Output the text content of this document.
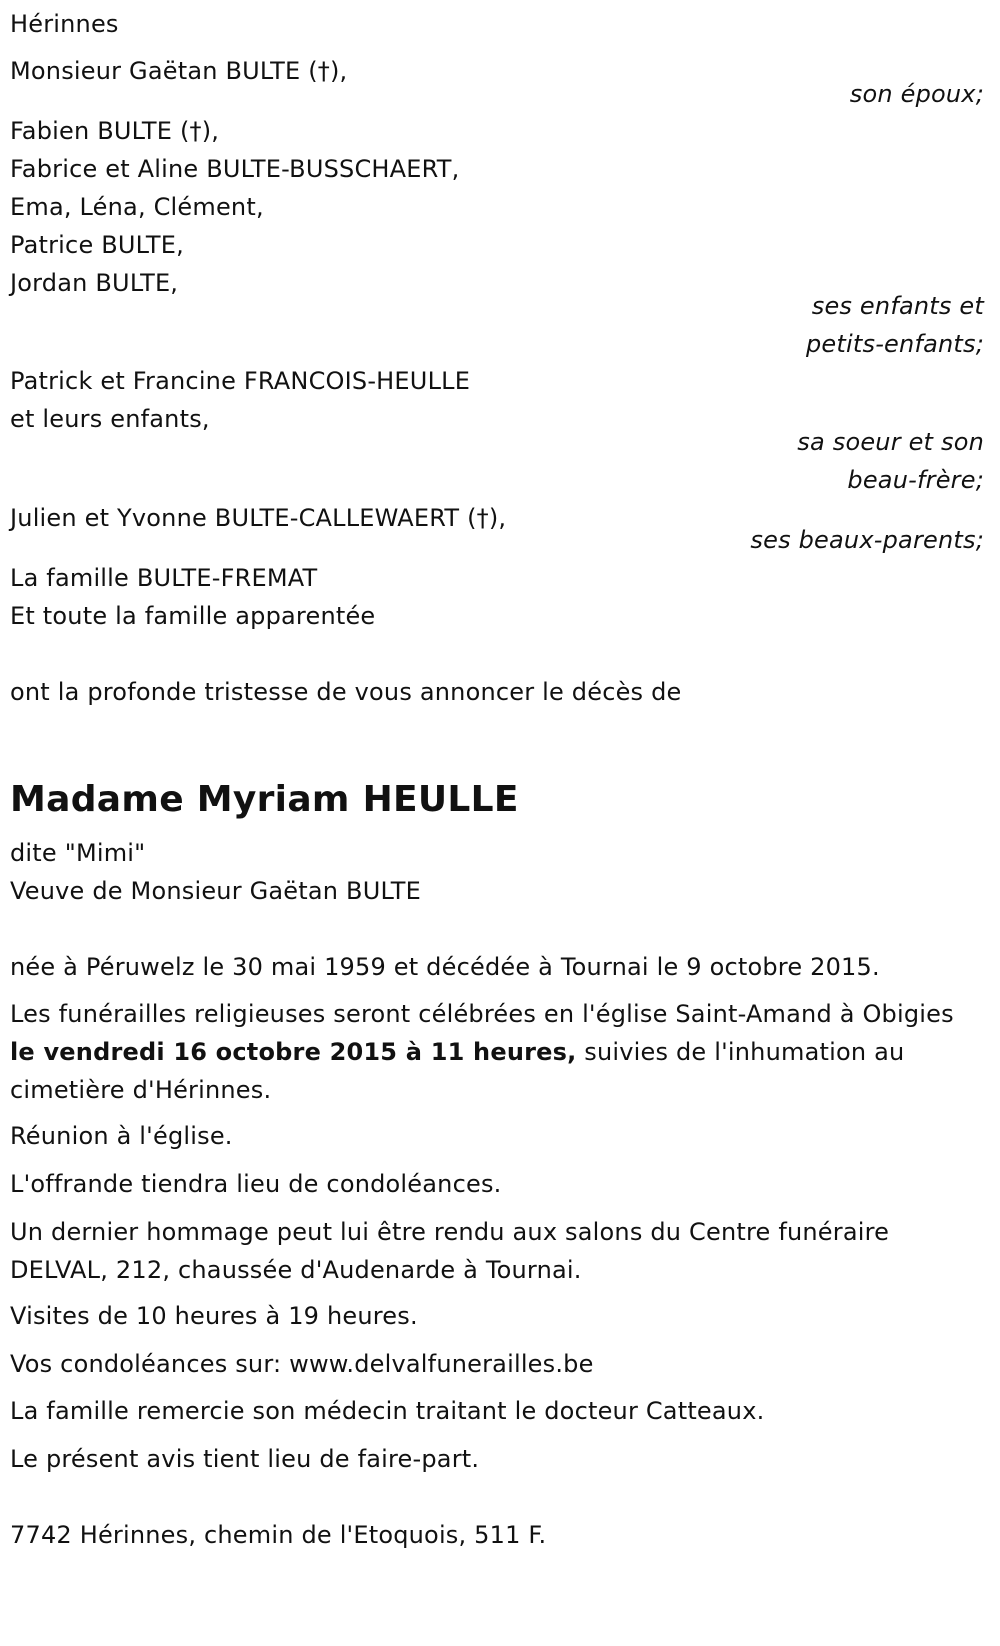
Hérinnes
Monsieur Gaëtan BULTE (†),
son époux;
Fabien BULTE (†),
Fabrice et Aline BULTE-BUSSCHAERT,
Ema, Léna, Clément,
Patrice BULTE,
Jordan BULTE,
ses enfants et
petits-enfants;
Patrick et Francine FRANCOIS-HEULLE
et leurs enfants,
sa soeur et son
beau-frère;
Julien et Yvonne BULTE-CALLEWAERT (†),
ses beaux-parents;
La famille BULTE-FREMAT
Et toute la famille apparentée
ont la profonde tristesse de vous annoncer le décès de
Madame Myriam HEULLE
dite "Mimi"
Veuve de Monsieur Gaëtan BULTE
née à Péruwelz le 30 mai 1959 et décédée à Tournai le 9 octobre 2015.
Les funérailles religieuses seront célébrées en l'église Saint-Amand à Obigies le vendredi 16 octobre 2015 à 11 heures, suivies de l'inhumation au cimetière d'Hérinnes.
Réunion à l'église.
L'offrande tiendra lieu de condoléances.
Un dernier hommage peut lui être rendu aux salons du Centre funéraire DELVAL, 212, chaussée d'Audenarde à Tournai.
Visites de 10 heures à 19 heures.
Vos condoléances sur: www.delvalfunerailles.be
La famille remercie son médecin traitant le docteur Catteaux.
Le présent avis tient lieu de faire-part.
7742 Hérinnes, chemin de l'Etoquois, 511 F.
